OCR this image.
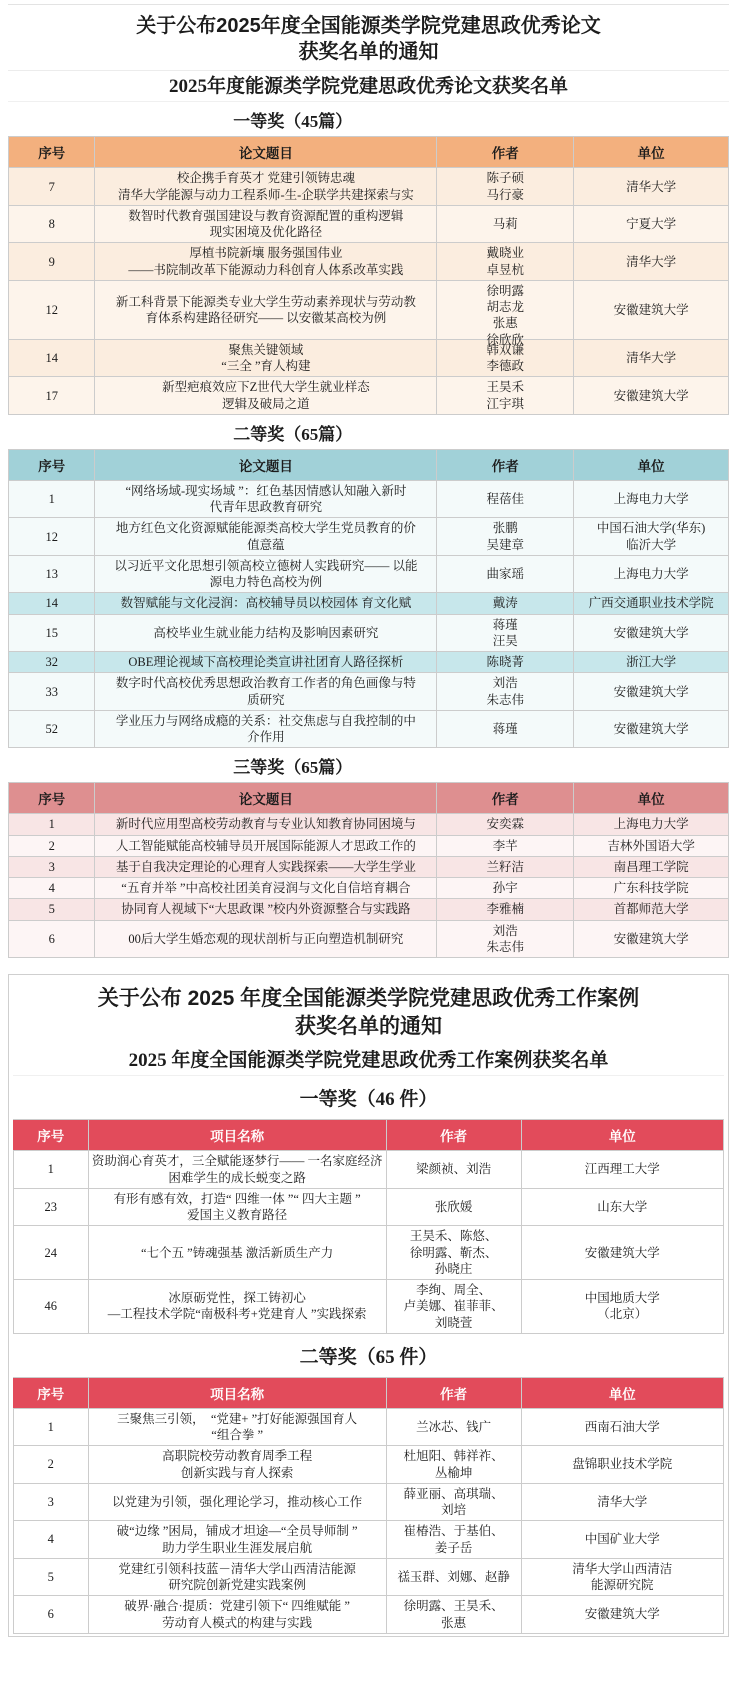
关于公布2025年度全国能源类学院党建思政优秀论文
获奖名单的通知
2025年度能源类学院党建思政优秀论文获奖名单
一等奖（45篇）
序号	论文题目	作者	单位

7	校企携手育英才 党建引领铸忠魂
清华大学能源与动力工程系师-生-企联学共建探索与实	陈子硕
马行豪	清华大学

8	数智时代教育强国建设与教育资源配置的重构逻辑
现实困境及优化路径	马莉	宁夏大学

9	厚植书院新壤 服务强国伟业
——书院制改革下能源动力科创育人体系改革实践	戴晓业
卓昱杭	清华大学

12	新工科背景下能源类专业大学生劳动素养现状与劳动教
育体系构建路径研究—— 以安徽某高校为例	徐明露
胡志龙
张惠
徐欣欣	安徽建筑大学

14	聚焦关键领域
“三全 ”育人构建	韩双谦
李德政	清华大学

17	新型疤痕效应下Z世代大学生就业样态
逻辑及破局之道	王昊禾
江宇琪	安徽建筑大学
二等奖（65篇）
序号	论文题目	作者	单位

1	“网络场域-现实场域 ”：红色基因情感认知融入新时
代青年思政教育研究	程蓓佳	上海电力大学

12	地方红色文化资源赋能能源类高校大学生党员教育的价
值意蕴	张鹏
吴建章	中国石油大学(华东)
临沂大学

13	以习近平文化思想引领高校立德树人实践研究—— 以能
源电力特色高校为例	曲家瑶	上海电力大学

14	数智赋能与文化浸润：高校辅导员以校园体 育文化赋	戴涛	广西交通职业技术学院

15	高校毕业生就业能力结构及影响因素研究	蒋瑾
汪昊	安徽建筑大学

32	OBE理论视域下高校理论类宣讲社团育人路径探析	陈晓菁	浙江大学

33	数字时代高校优秀思想政治教育工作者的角色画像与特
质研究	刘浩
朱志伟	安徽建筑大学

52	学业压力与网络成瘾的关系：社交焦虑与自我控制的中
介作用	蒋瑾	安徽建筑大学
三等奖（65篇）
序号	论文题目	作者	单位

1	新时代应用型高校劳动教育与专业认知教育协同困境与	安奕霖	上海电力大学

2	人工智能赋能高校辅导员开展国际能源人才思政工作的	李芊	吉林外国语大学

3	基于自我决定理论的心理育人实践探索——大学生学业	兰籽洁	南昌理工学院

4	“五育并举 ”中高校社团美育浸润与文化自信培育耦合	孙宇	广东科技学院

5	协同育人视域下“大思政课 ”校内外资源整合与实践路	李雅楠	首都师范大学

6	00后大学生婚恋观的现状剖析与正向塑造机制研究	刘浩
朱志伟	安徽建筑大学
关于公布 2025 年度全国能源类学院党建思政优秀工作案例
获奖名单的通知
2025 年度全国能源类学院党建思政优秀工作案例获奖名单
一等奖（46 件）
序号	项目名称	作者	单位

1	资助润心育英才，三全赋能逐梦行—— 一名家庭经济
困难学生的成长蜕变之路	梁颜祯、刘浩	江西理工大学

23	有形有感有效，打造“ 四维一体 ”“ 四大主题 ”
爱国主义教育路径	张欣媛	山东大学

24	“七个五 ”铸魂强基 激活新质生产力	王昊禾、陈悠、
徐明露、靳杰、
孙晓庄	安徽建筑大学

46	冰原砺党性，探工铸初心
—工程技术学院“南极科考+党建育人 ”实践探索	李绚、周全、
卢美娜、崔菲菲、
刘晓萱	中国地质大学
（北京）
二等奖（65 件）
序号	项目名称	作者	单位

1	三聚焦三引领，　“党建+ ”打好能源强国育人
“组合拳 ”	兰冰芯、钱广	西南石油大学

2	高职院校劳动教育周季工程
创新实践与育人探索	杜旭阳、韩祥祚、
丛榆坤	盘锦职业技术学院

3	以党建为引领，强化理论学习，推动核心工作	薛亚丽、高琪瑞、
刘培	清华大学

4	破“边缘 ”困局，铺成才坦途—“全员导师制 ”
助力学生职业生涯发展启航	崔椿浩、于基伯、
姜子岳	中国矿业大学

5	党建红引领科技蓝－清华大学山西清洁能源
研究院创新党建实践案例	禚玉群、刘娜、赵静	清华大学山西清洁
能源研究院

6	破界·融合·提质：党建引领下“ 四维赋能 ”
劳动育人模式的构建与实践	徐明露、王昊禾、
张惠	安徽建筑大学
